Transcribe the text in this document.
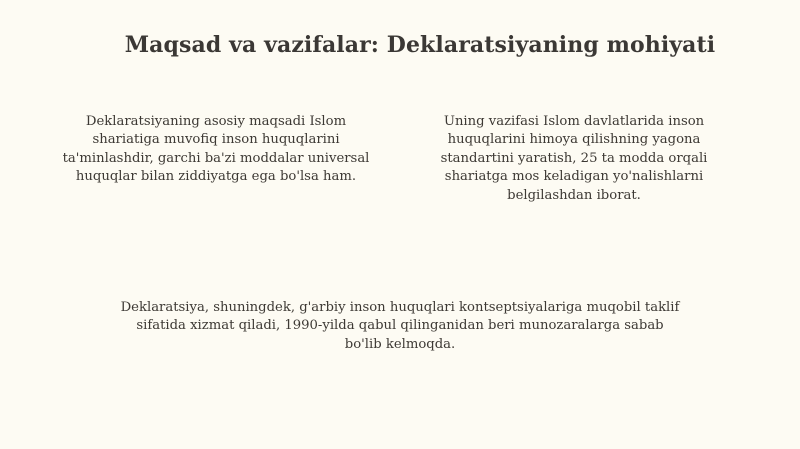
Maqsad va vazifalar: Deklaratsiyaning mohiyati

Deklaratsiyaning asosiy maqsadi Islom shariatiga muvofiq inson huquqlarini ta'minlashdir, garchi ba'zi moddalar universal huquqlar bilan ziddiyatga ega bo'lsa ham.

Uning vazifasi Islom davlatlarida inson huquqlarini himoya qilishning yagona standartini yaratish, 25 ta modda orqali shariatga mos keladigan yo'nalishlarni belgilashdan iborat.

Deklaratsiya, shuningdek, g'arbiy inson huquqlari kontseptsiyalariga muqobil taklif sifatida xizmat qiladi, 1990-yilda qabul qilinganidan beri munozaralarga sabab bo'lib kelmoqda.
